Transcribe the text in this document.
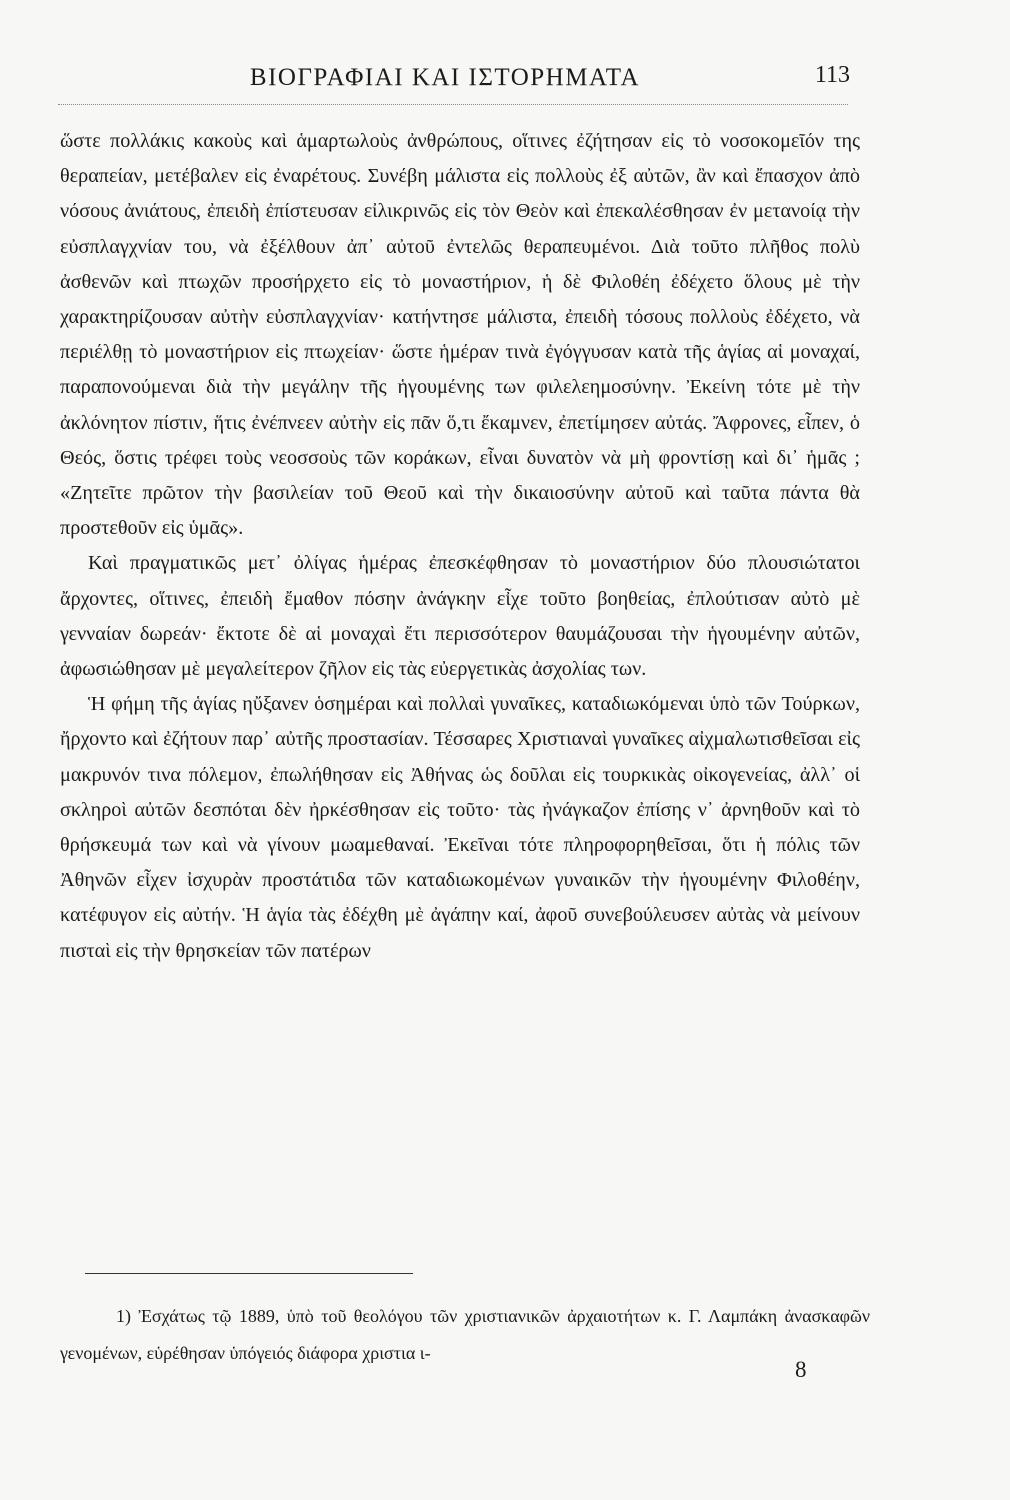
ΒΙΟΓΡΑΦΙΑΙ ΚΑΙ ΙΣΤΟΡΗΜΑΤΑ	113

ὥστε πολλάκις κακοὺς καὶ ἁμαρτωλοὺς ἀνθρώπους, οἵτινες ἐζήτησαν εἰς τὸ νοσοκομεῖόν της θεραπείαν, μετέβαλεν εἰς ἐναρέτους. Συνέβη μάλιστα εἰς πολλοὺς ἐξ αὐτῶν, ἂν καὶ ἔπασχον ἀπὸ νόσους ἀνιάτους, ἐπειδὴ ἐπίστευσαν εἰλικρινῶς εἰς τὸν Θεὸν καὶ ἐπεκαλέσθησαν ἐν μετανοίᾳ τὴν εὐσπλαγχνίαν του, νὰ ἐξέλθουν ἀπ᾽ αὐτοῦ ἐντελῶς θεραπευμένοι. Διὰ τοῦτο πλῆθος πολὺ ἀσθενῶν καὶ πτωχῶν προσήρχετο εἰς τὸ μοναστήριον, ἡ δὲ Φιλοθέη ἐδέχετο ὅλους μὲ τὴν χαρακτηρίζουσαν αὐτὴν εὐσπλαγχνίαν· κατήντησε μάλιστα, ἐπειδὴ τόσους πολλοὺς ἐδέχετο, νὰ περιέλθῃ τὸ μοναστήριον εἰς πτωχείαν· ὥστε ἡμέραν τινὰ ἐγόγγυσαν κατὰ τῆς ἁγίας αἱ μοναχαί, παραπονούμεναι διὰ τὴν μεγάλην τῆς ἡγουμένης των φιλελεημοσύνην. Ἐκείνη τότε μὲ τὴν ἀκλόνητον πίστιν, ἥτις ἐνέπνεεν αὐτὴν εἰς πᾶν ὅ,τι ἔκαμνεν, ἐπετίμησεν αὐτάς. Ἄφρονες, εἶπεν, ὁ Θεός, ὅστις τρέφει τοὺς νεοσσοὺς τῶν κοράκων, εἶναι δυνατὸν νὰ μὴ φροντίσῃ καὶ δι᾽ ἡμᾶς ; «Ζητεῖτε πρῶτον τὴν βασιλείαν τοῦ Θεοῦ καὶ τὴν δικαιοσύνην αὐτοῦ καὶ ταῦτα πάντα θὰ προστεθοῦν εἰς ὑμᾶς».

Καὶ πραγματικῶς μετ᾽ ὀλίγας ἡμέρας ἐπεσκέφθησαν τὸ μοναστήριον δύο πλουσιώτατοι ἄρχοντες, οἵτινες, ἐπειδὴ ἔμαθον πόσην ἀνάγκην εἶχε τοῦτο βοηθείας, ἐπλούτισαν αὐτὸ μὲ γενναίαν δωρεάν· ἔκτοτε δὲ αἱ μοναχαὶ ἔτι περισσότερον θαυμάζουσαι τὴν ἡγουμένην αὐτῶν, ἀφωσιώθησαν μὲ μεγαλείτερον ζῆλον εἰς τὰς εὐεργετικὰς ἀσχολίας των.

Ἡ φήμη τῆς ἁγίας ηὔξανεν ὁσημέραι καὶ πολλαὶ γυναῖκες, καταδιωκόμεναι ὑπὸ τῶν Τούρκων, ἤρχοντο καὶ ἐζήτουν παρ᾽ αὐτῆς προστασίαν. Τέσσαρες Χριστιαναὶ γυναῖκες αἰχμαλωτισθεῖσαι εἰς μακρυνόν τινα πόλεμον, ἐπωλήθησαν εἰς Ἀθήνας ὡς δοῦλαι εἰς τουρκικὰς οἰκογενείας, ἀλλ᾽ οἱ σκληροὶ αὐτῶν δεσπόται δὲν ἠρκέσθησαν εἰς τοῦτο· τὰς ἠνάγκαζον ἐπίσης ν᾽ ἀρνηθοῦν καὶ τὸ θρήσκευμά των καὶ νὰ γίνουν μωαμεθαναί. Ἐκεῖναι τότε πληροφορηθεῖσαι, ὅτι ἡ πόλις τῶν Ἀθηνῶν εἶχεν ἰσχυρὰν προστάτιδα τῶν καταδιωκομένων γυναικῶν τὴν ἡγουμένην Φιλοθέην, κατέφυγον εἰς αὐτήν. Ἡ ἁγία τὰς ἐδέχθη μὲ ἀγάπην καί, ἀφοῦ συνεβούλευσεν αὐτὰς νὰ μείνουν πισταὶ εἰς τὴν θρησκείαν τῶν πατέρων

1) Ἐσχάτως τῷ 1889, ὑπὸ τοῦ θεολόγου τῶν χριστιανικῶν ἀρχαιοτήτων κ. Γ. Λαμπάκη ἀνασκαφῶν γενομένων, εὑρέθησαν ὑπόγειός διάφορα χριστια ι-

8
